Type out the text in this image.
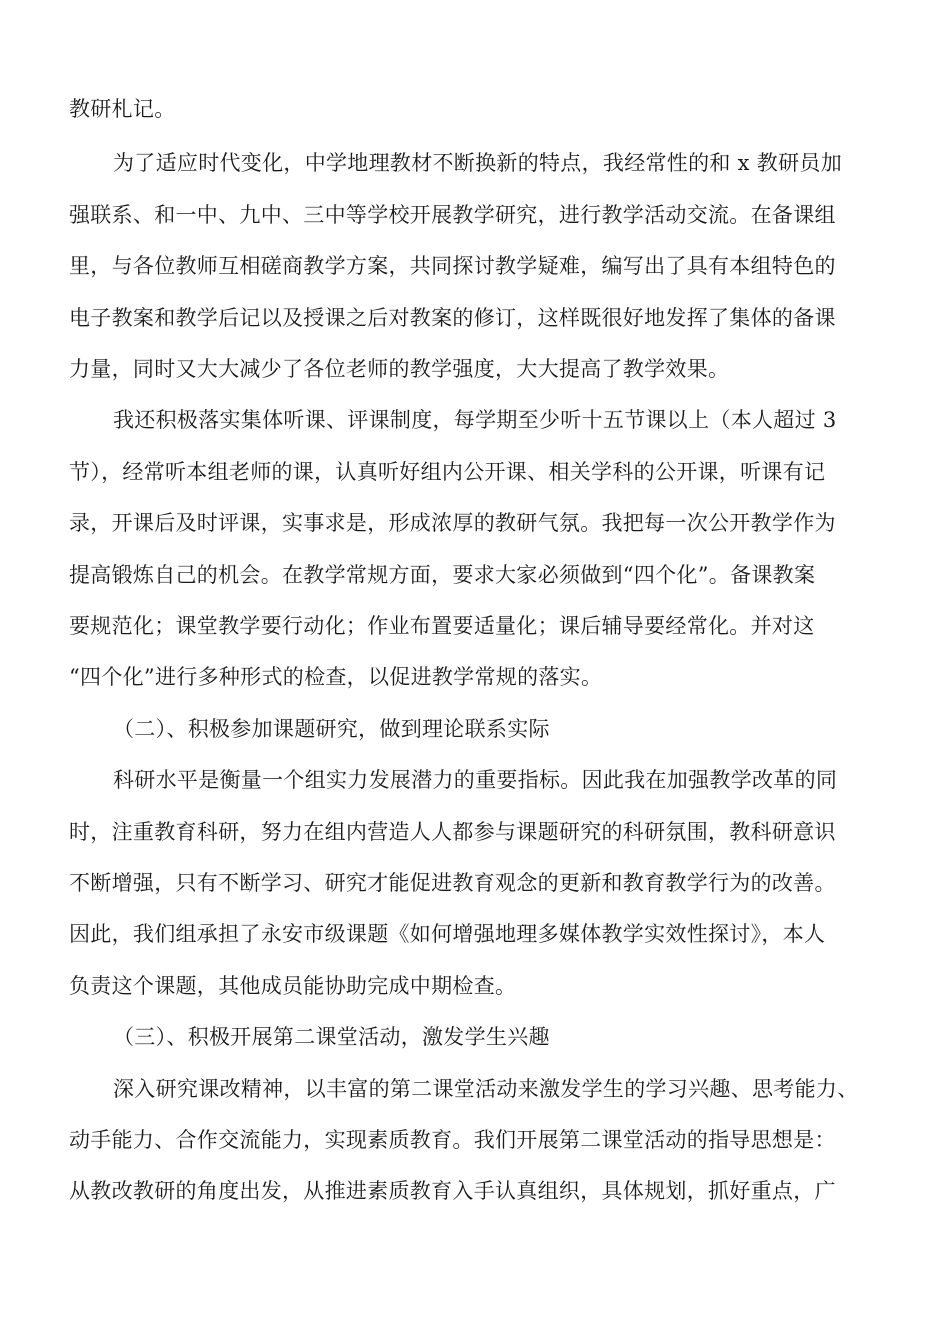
教研札记。
为了适应时代变化，中学地理教材不断换新的特点，我经常性的和 x 教研员加
强联系、和一中、九中、三中等学校开展教学研究，进行教学活动交流。在备课组
里，与各位教师互相磋商教学方案，共同探讨教学疑难，编写出了具有本组特色的
电子教案和教学后记以及授课之后对教案的修订，这样既很好地发挥了集体的备课
力量，同时又大大减少了各位老师的教学强度，大大提高了教学效果。
我还积极落实集体听课、评课制度，每学期至少听十五节课以上（本人超过 3
节），经常听本组老师的课，认真听好组内公开课、相关学科的公开课，听课有记
录，开课后及时评课，实事求是，形成浓厚的教研气氛。我把每一次公开教学作为
提高锻炼自己的机会。在教学常规方面，要求大家必须做到“四个化”。备课教案
要规范化；课堂教学要行动化；作业布置要适量化；课后辅导要经常化。并对这
“四个化”进行多种形式的检查，以促进教学常规的落实。
（二）、积极参加课题研究，做到理论联系实际
科研水平是衡量一个组实力发展潜力的重要指标。因此我在加强教学改革的同
时，注重教育科研，努力在组内营造人人都参与课题研究的科研氛围，教科研意识
不断增强，只有不断学习、研究才能促进教育观念的更新和教育教学行为的改善。
因此，我们组承担了永安市级课题《如何增强地理多媒体教学实效性探讨》，本人
负责这个课题，其他成员能协助完成中期检查。
（三）、积极开展第二课堂活动，激发学生兴趣
深入研究课改精神，以丰富的第二课堂活动来激发学生的学习兴趣、思考能力、
动手能力、合作交流能力，实现素质教育。我们开展第二课堂活动的指导思想是：
从教改教研的角度出发，从推进素质教育入手认真组织，具体规划，抓好重点，广
